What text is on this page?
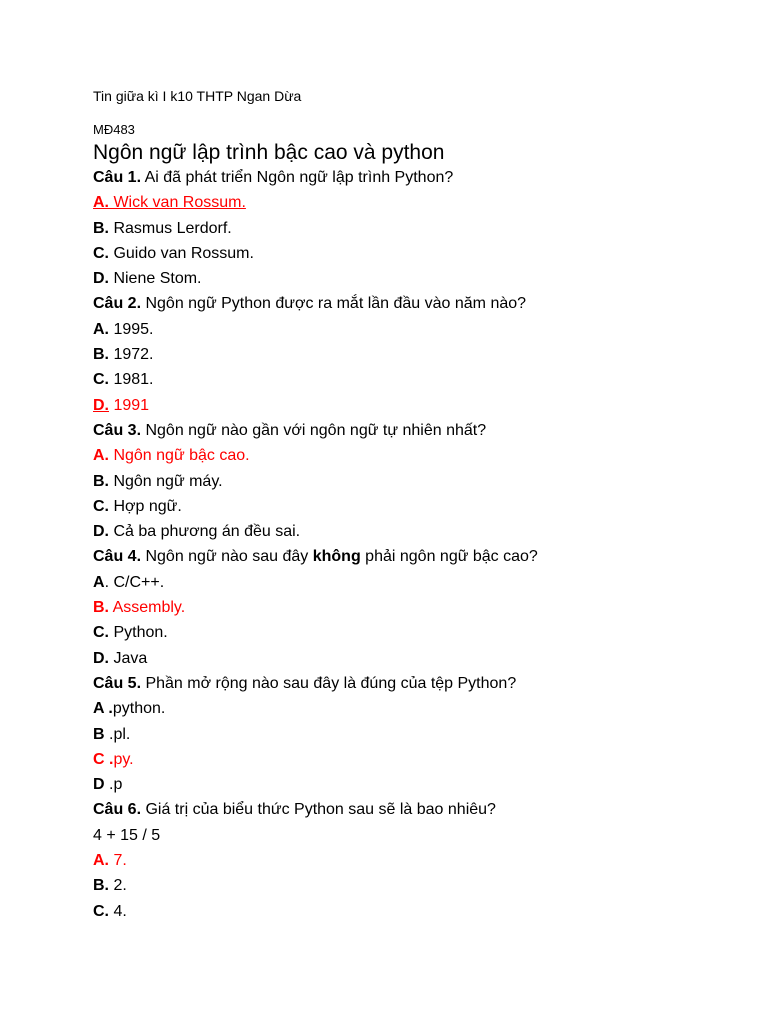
Tin giữa kì I k10 THTP Ngan Dừa
MĐ483
Ngôn ngữ lập trình bậc cao và python
Câu 1. Ai đã phát triển Ngôn ngữ lập trình Python?
A. Wick van Rossum.
B. Rasmus Lerdorf.
C. Guido van Rossum.
D. Niene Stom.
Câu 2. Ngôn ngữ Python được ra mắt lần đầu vào năm nào?
A. 1995.
B. 1972.
C. 1981.
D. 1991
Câu 3. Ngôn ngữ nào gần với ngôn ngữ tự nhiên nhất?
A. Ngôn ngữ bậc cao.
B. Ngôn ngữ máy.
C. Hợp ngữ.
D. Cả ba phương án đều sai.
Câu 4. Ngôn ngữ nào sau đây không phải ngôn ngữ bậc cao?
A. C/C++.
B. Assembly.
C. Python.
D. Java
Câu 5. Phần mở rộng nào sau đây là đúng của tệp Python?
A .python.
B .pl.
C .py.
D .p
Câu 6. Giá trị của biểu thức Python sau sẽ là bao nhiêu?
4 + 15 / 5
A. 7.
B. 2.
C. 4.
